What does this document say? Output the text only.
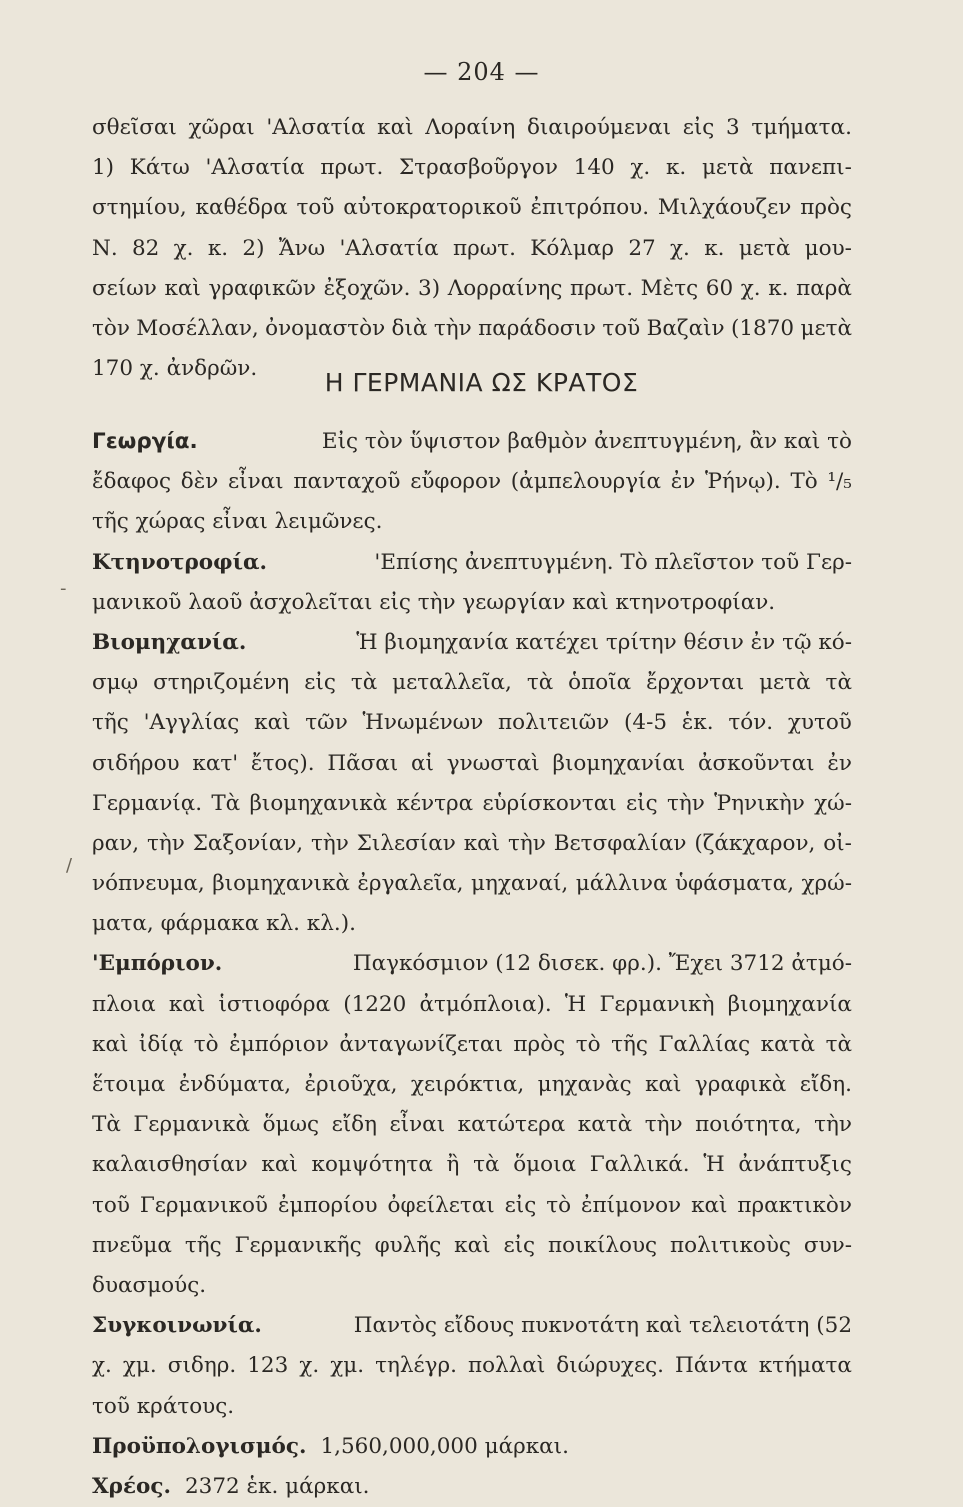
— 204 —
σθεῖσαι χῶραι 'Αλσατία καὶ Λοραίνη διαιρούμεναι εἰς 3 τμήματα.
1) Κάτω 'Αλσατία πρωτ. Στρασβοῦργον 140 χ. κ. μετὰ πανεπι-
στημίου, καθέδρα τοῦ αὐτοκρατορικοῦ ἐπιτρόπου. Μιλχάουζεν πρὸς
Ν. 82 χ. κ. 2) Ἄνω 'Αλσατία πρωτ. Κόλμαρ 27 χ. κ. μετὰ μου-
σείων καὶ γραφικῶν ἐξοχῶν. 3) Λορραίνης πρωτ. Μὲτς 60 χ. κ. παρὰ
τὸν Μοσέλλαν, ὀνομαστὸν διὰ τὴν παράδοσιν τοῦ Βαζαὶν (1870 μετὰ
170 χ. ἀνδρῶν.	Η ΓΕΡΜΑΝΙΑ ΩΣ ΚΡΑΤΟΣ
Γεωργία.	Εἰς τὸν ὕψιστον βαθμὸν ἀνεπτυγμένη, ἂν καὶ τὸ
ἔδαφος δὲν εἶναι πανταχοῦ εὔφορον (ἀμπελουργία ἐν Ῥήνῳ). Τὸ ¹/₅
τῆς χώρας εἶναι λειμῶνες.
Κτηνοτροφία.	'Επίσης ἀνεπτυγμένη. Τὸ πλεῖστον τοῦ Γερ-
μανικοῦ λαοῦ ἀσχολεῖται εἰς τὴν γεωργίαν καὶ κτηνοτροφίαν.
Βιομηχανία.	Ἡ βιομηχανία κατέχει τρίτην θέσιν ἐν τῷ κό-
σμῳ στηριζομένη εἰς τὰ μεταλλεῖα, τὰ ὁποῖα ἔρχονται μετὰ τὰ
τῆς 'Αγγλίας καὶ τῶν Ἡνωμένων πολιτειῶν (4-5 ἑκ. τόν. χυτοῦ
σιδήρου κατ' ἔτος). Πᾶσαι αἱ γνωσταὶ βιομηχανίαι ἀσκοῦνται ἐν
Γερμανίᾳ. Τὰ βιομηχανικὰ κέντρα εὑρίσκονται εἰς τὴν Ῥηνικὴν χώ-
ραν, τὴν Σαξονίαν, τὴν Σιλεσίαν καὶ τὴν Βετσφαλίαν (ζάκχαρον, οἰ-
νόπνευμα, βιομηχανικὰ ἐργαλεῖα, μηχαναί, μάλλινα ὑφάσματα, χρώ-
ματα, φάρμακα κλ. κλ.).
'Εμπόριον.	Παγκόσμιον (12 δισεκ. φρ.). Ἔχει 3712 ἀτμό-
πλοια καὶ ἱστιοφόρα (1220 ἀτμόπλοια). Ἡ Γερμανικὴ βιομηχανία
καὶ ἰδίᾳ τὸ ἐμπόριον ἀνταγωνίζεται πρὸς τὸ τῆς Γαλλίας κατὰ τὰ
ἕτοιμα ἐνδύματα, ἐριοῦχα, χειρόκτια, μηχανὰς καὶ γραφικὰ εἴδη.
Τὰ Γερμανικὰ ὅμως εἴδη εἶναι κατώτερα κατὰ τὴν ποιότητα, τὴν
καλαισθησίαν καὶ κομψότητα ἢ τὰ ὅμοια Γαλλικά. Ἡ ἀνάπτυξις
τοῦ Γερμανικοῦ ἐμπορίου ὀφείλεται εἰς τὸ ἐπίμονον καὶ πρακτικὸν
πνεῦμα τῆς Γερμανικῆς φυλῆς καὶ εἰς ποικίλους πολιτικοὺς συν-
δυασμούς.
Συγκοινωνία.	Παντὸς εἴδους πυκνοτάτη καὶ τελειοτάτη (52
χ. χμ. σιδηρ. 123 χ. χμ. τηλέγρ. πολλαὶ διώρυχες. Πάντα κτήματα
τοῦ κράτους.
Προϋπολογισμός. 1,560,000,000 μάρκαι.
Χρέος. 2372 ἑκ. μάρκαι.
-
/
